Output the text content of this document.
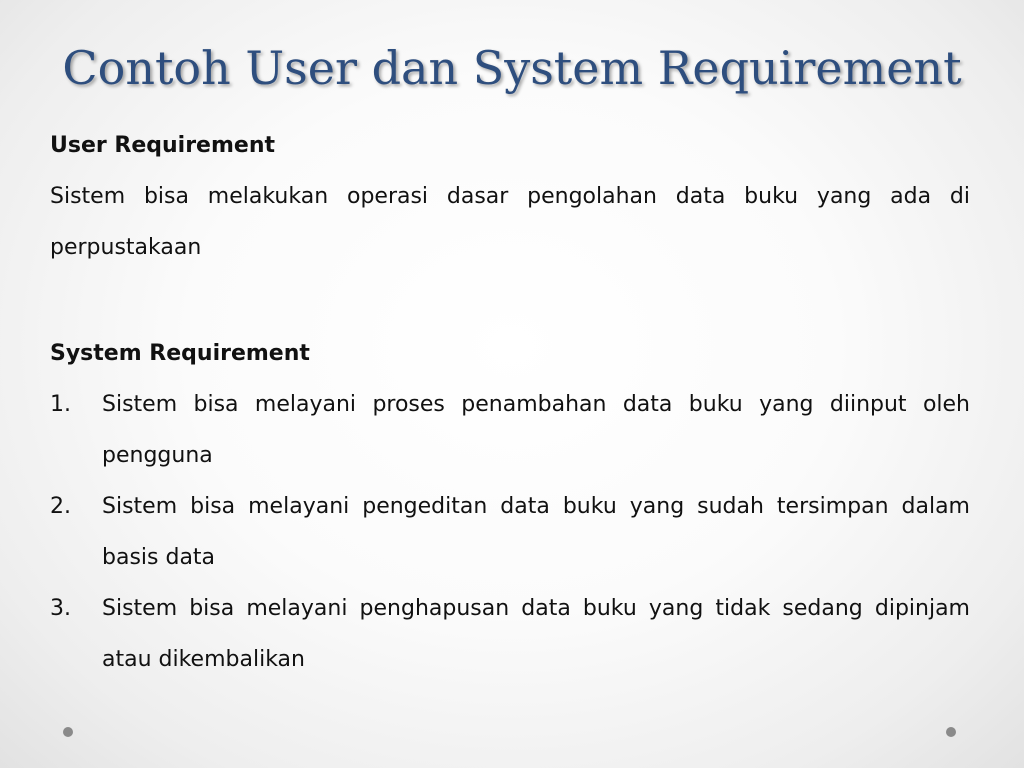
Contoh User dan System Requirement

User Requirement

Sistem bisa melakukan operasi dasar pengolahan data buku yang ada di perpustakaan

System Requirement

1. Sistem bisa melayani proses penambahan data buku yang diinput oleh pengguna
2. Sistem bisa melayani pengeditan data buku yang sudah tersimpan dalam basis data
3. Sistem bisa melayani penghapusan data buku yang tidak sedang dipinjam atau dikembalikan
